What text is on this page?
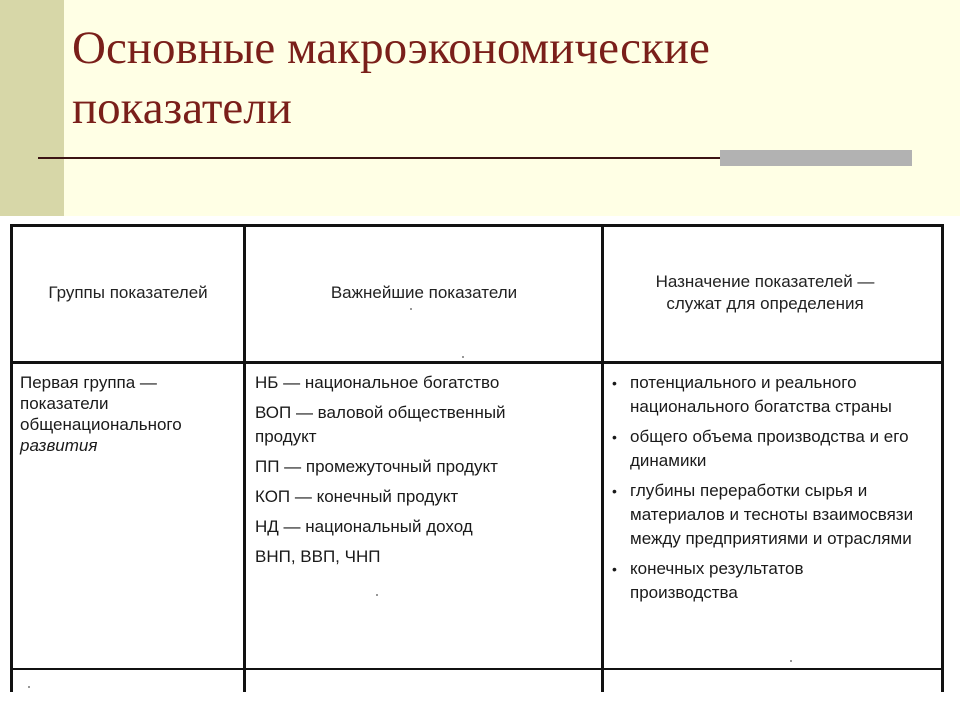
Основные макроэкономические
показатели
Группы показателей	Важнейшие показатели
Назначение показателей — служат для определения
Первая группа —
показатели
общенационального
развития
НБ — национальное богатство
ВОП — валовой общественный продукт
ПП — промежуточный продукт
КОП — конечный продукт
НД — национальный доход
ВНП, ВВП, ЧНП
• потенциального и реального национального богатства страны
• общего объема производства и его динамики
• глубины переработки сырья и материалов и тесноты взаимосвязи между предприятиями и отраслями
• конечных результатов производства
